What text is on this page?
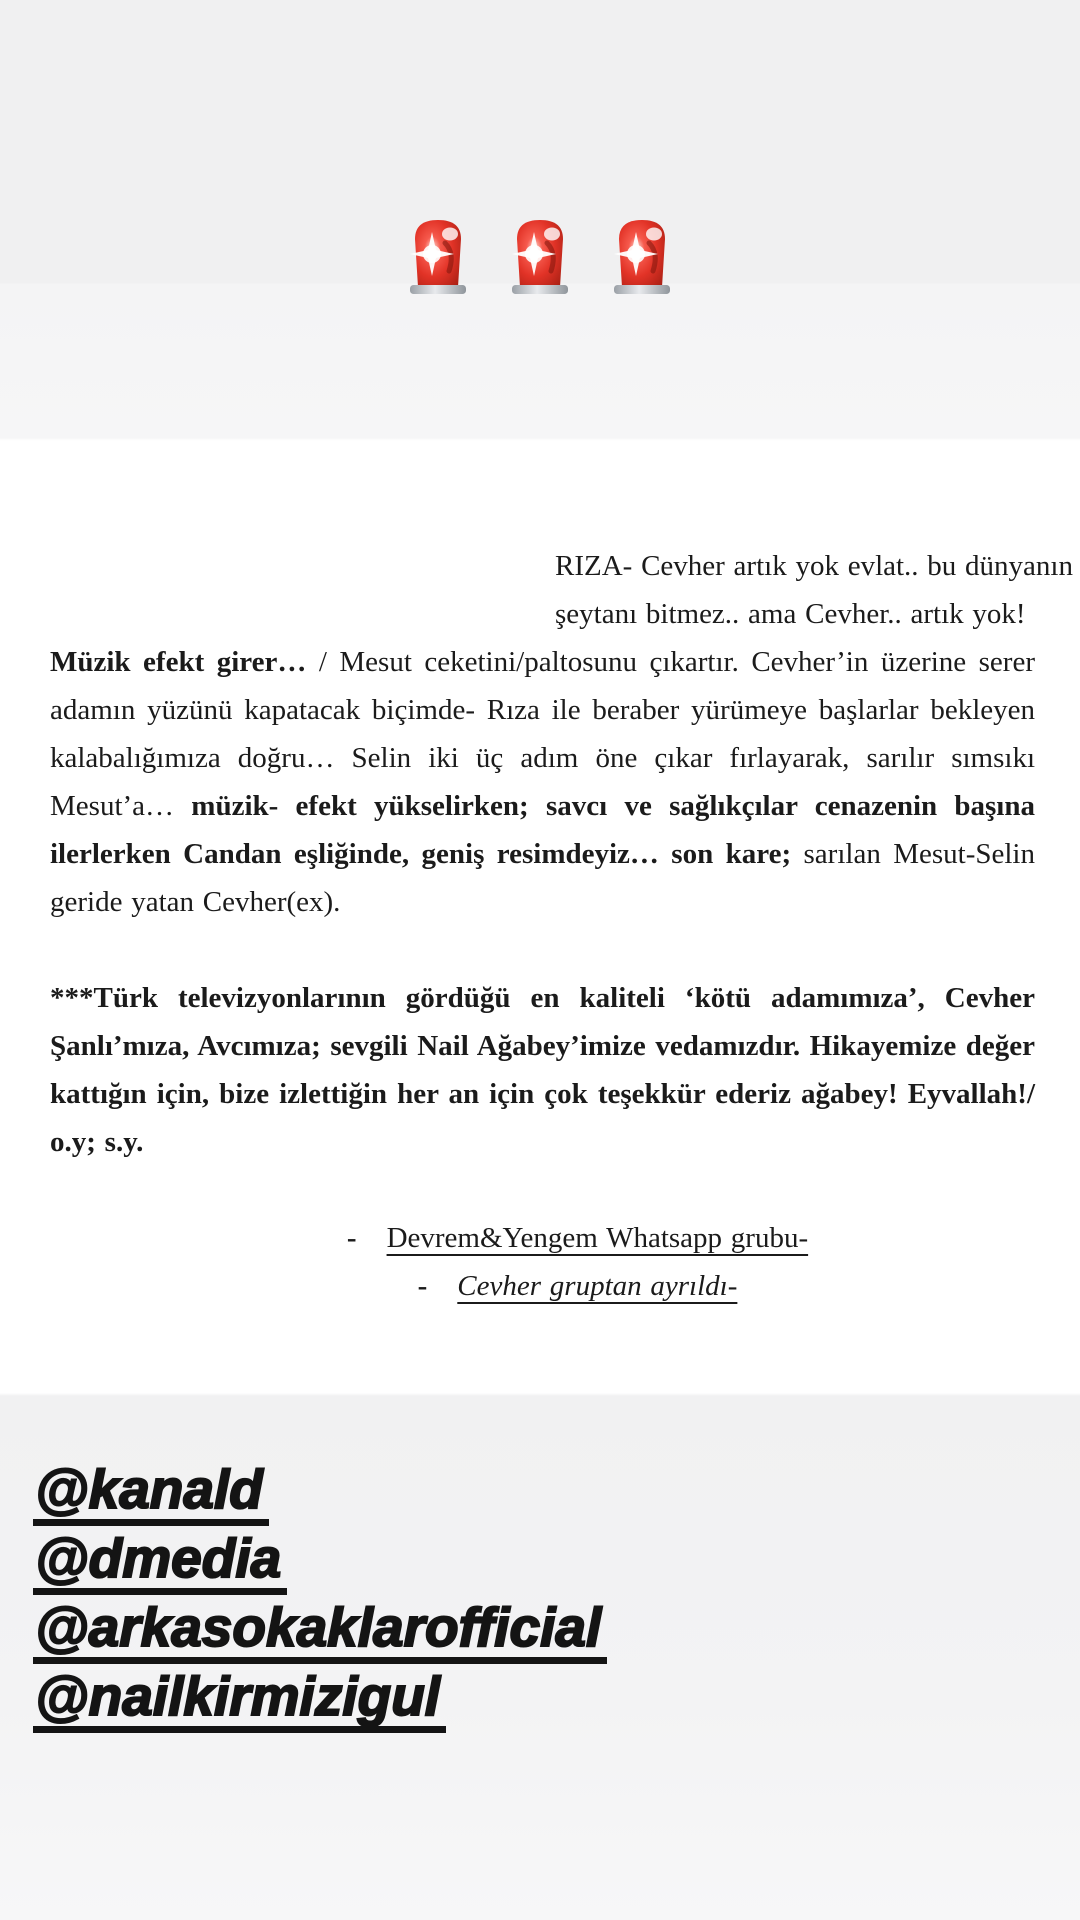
RIZA- Cevher artık yok evlat.. bu dünyanın
şeytanı bitmez.. ama Cevher.. artık yok!
Müzik efekt girer… / Mesut ceketini/paltosunu çıkartır. Cevher’in üzerine serer adamın yüzünü kapatacak biçimde- Rıza ile beraber yürümeye başlarlar bekleyen kalabalığımıza doğru… Selin iki üç adım öne çıkar fırlayarak, sarılır sımsıkı Mesut’a… müzik- efekt yükselirken; savcı ve sağlıkçılar cenazenin başına ilerlerken Candan eşliğinde, geniş resimdeyiz… son kare; sarılan Mesut-Selin geride yatan Cevher(ex).
***Türk televizyonlarının gördüğü en kaliteli ‘kötü adamımıza’, Cevher Şanlı’mıza, Avcımıza; sevgili Nail Ağabey’imize vedamızdır. Hikayemize değer kattığın için, bize izlettiğin her an için çok teşekkür ederiz ağabey! Eyvallah!/ o.y; s.y.
- Devrem&Yengem Whatsapp grubu-
- Cevher gruptan ayrıldı-
@kanald
@dmedia
@arkasokaklarofficial
@nailkirmizigul
